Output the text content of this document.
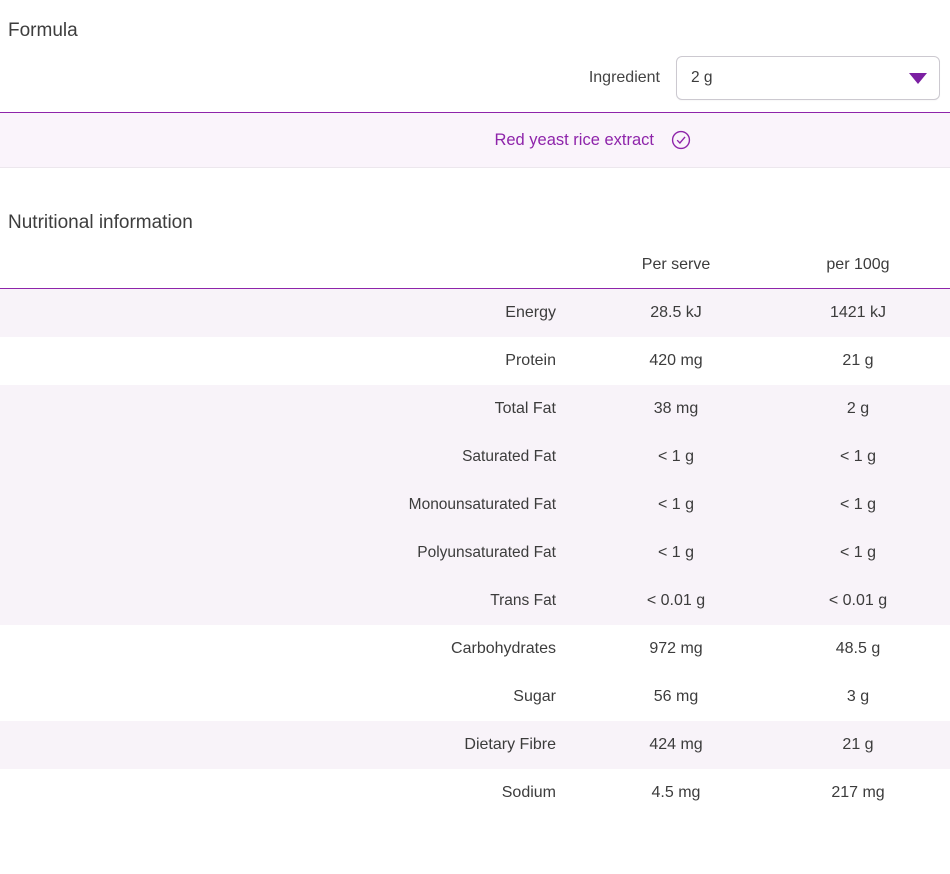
Formula
Ingredient 2 g
Red yeast rice extract
Nutritional information
	Per serve	per 100g
Energy	28.5 kJ	1421 kJ
Protein	420 mg	21 g
Total Fat	38 mg	2 g
Saturated Fat	< 1 g	< 1 g
Monounsaturated Fat	< 1 g	< 1 g
Polyunsaturated Fat	< 1 g	< 1 g
Trans Fat	< 0.01 g	< 0.01 g
Carbohydrates	972 mg	48.5 g
Sugar	56 mg	3 g
Dietary Fibre	424 mg	21 g
Sodium	4.5 mg	217 mg
